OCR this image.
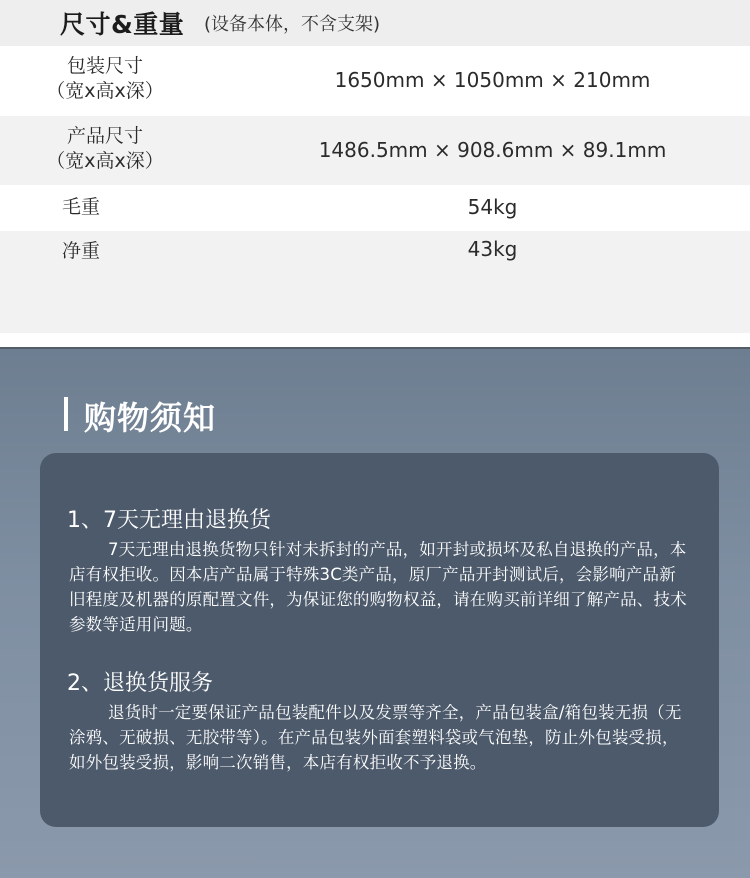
尺寸&重量 (设备本体，不含支架)
包装尺寸
（宽x高x深）	1650mm × 1050mm × 210mm
产品尺寸
（宽x高x深）	1486.5mm × 908.6mm × 89.1mm
毛重	54kg
净重	43kg
购物须知
1、7天无理由退换货
7天无理由退换货物只针对未拆封的产品，如开封或损坏及私自退换的产品，本店有权拒收。因本店产品属于特殊3C类产品，原厂产品开封测试后，会影响产品新旧程度及机器的原配置文件，为保证您的购物权益，请在购买前详细了解产品、技术参数等适用问题。
2、退换货服务
退货时一定要保证产品包装配件以及发票等齐全，产品包装盒/箱包装无损（无涂鸦、无破损、无胶带等）。在产品包装外面套塑料袋或气泡垫，防止外包装受损，如外包装受损，影响二次销售，本店有权拒收不予退换。
